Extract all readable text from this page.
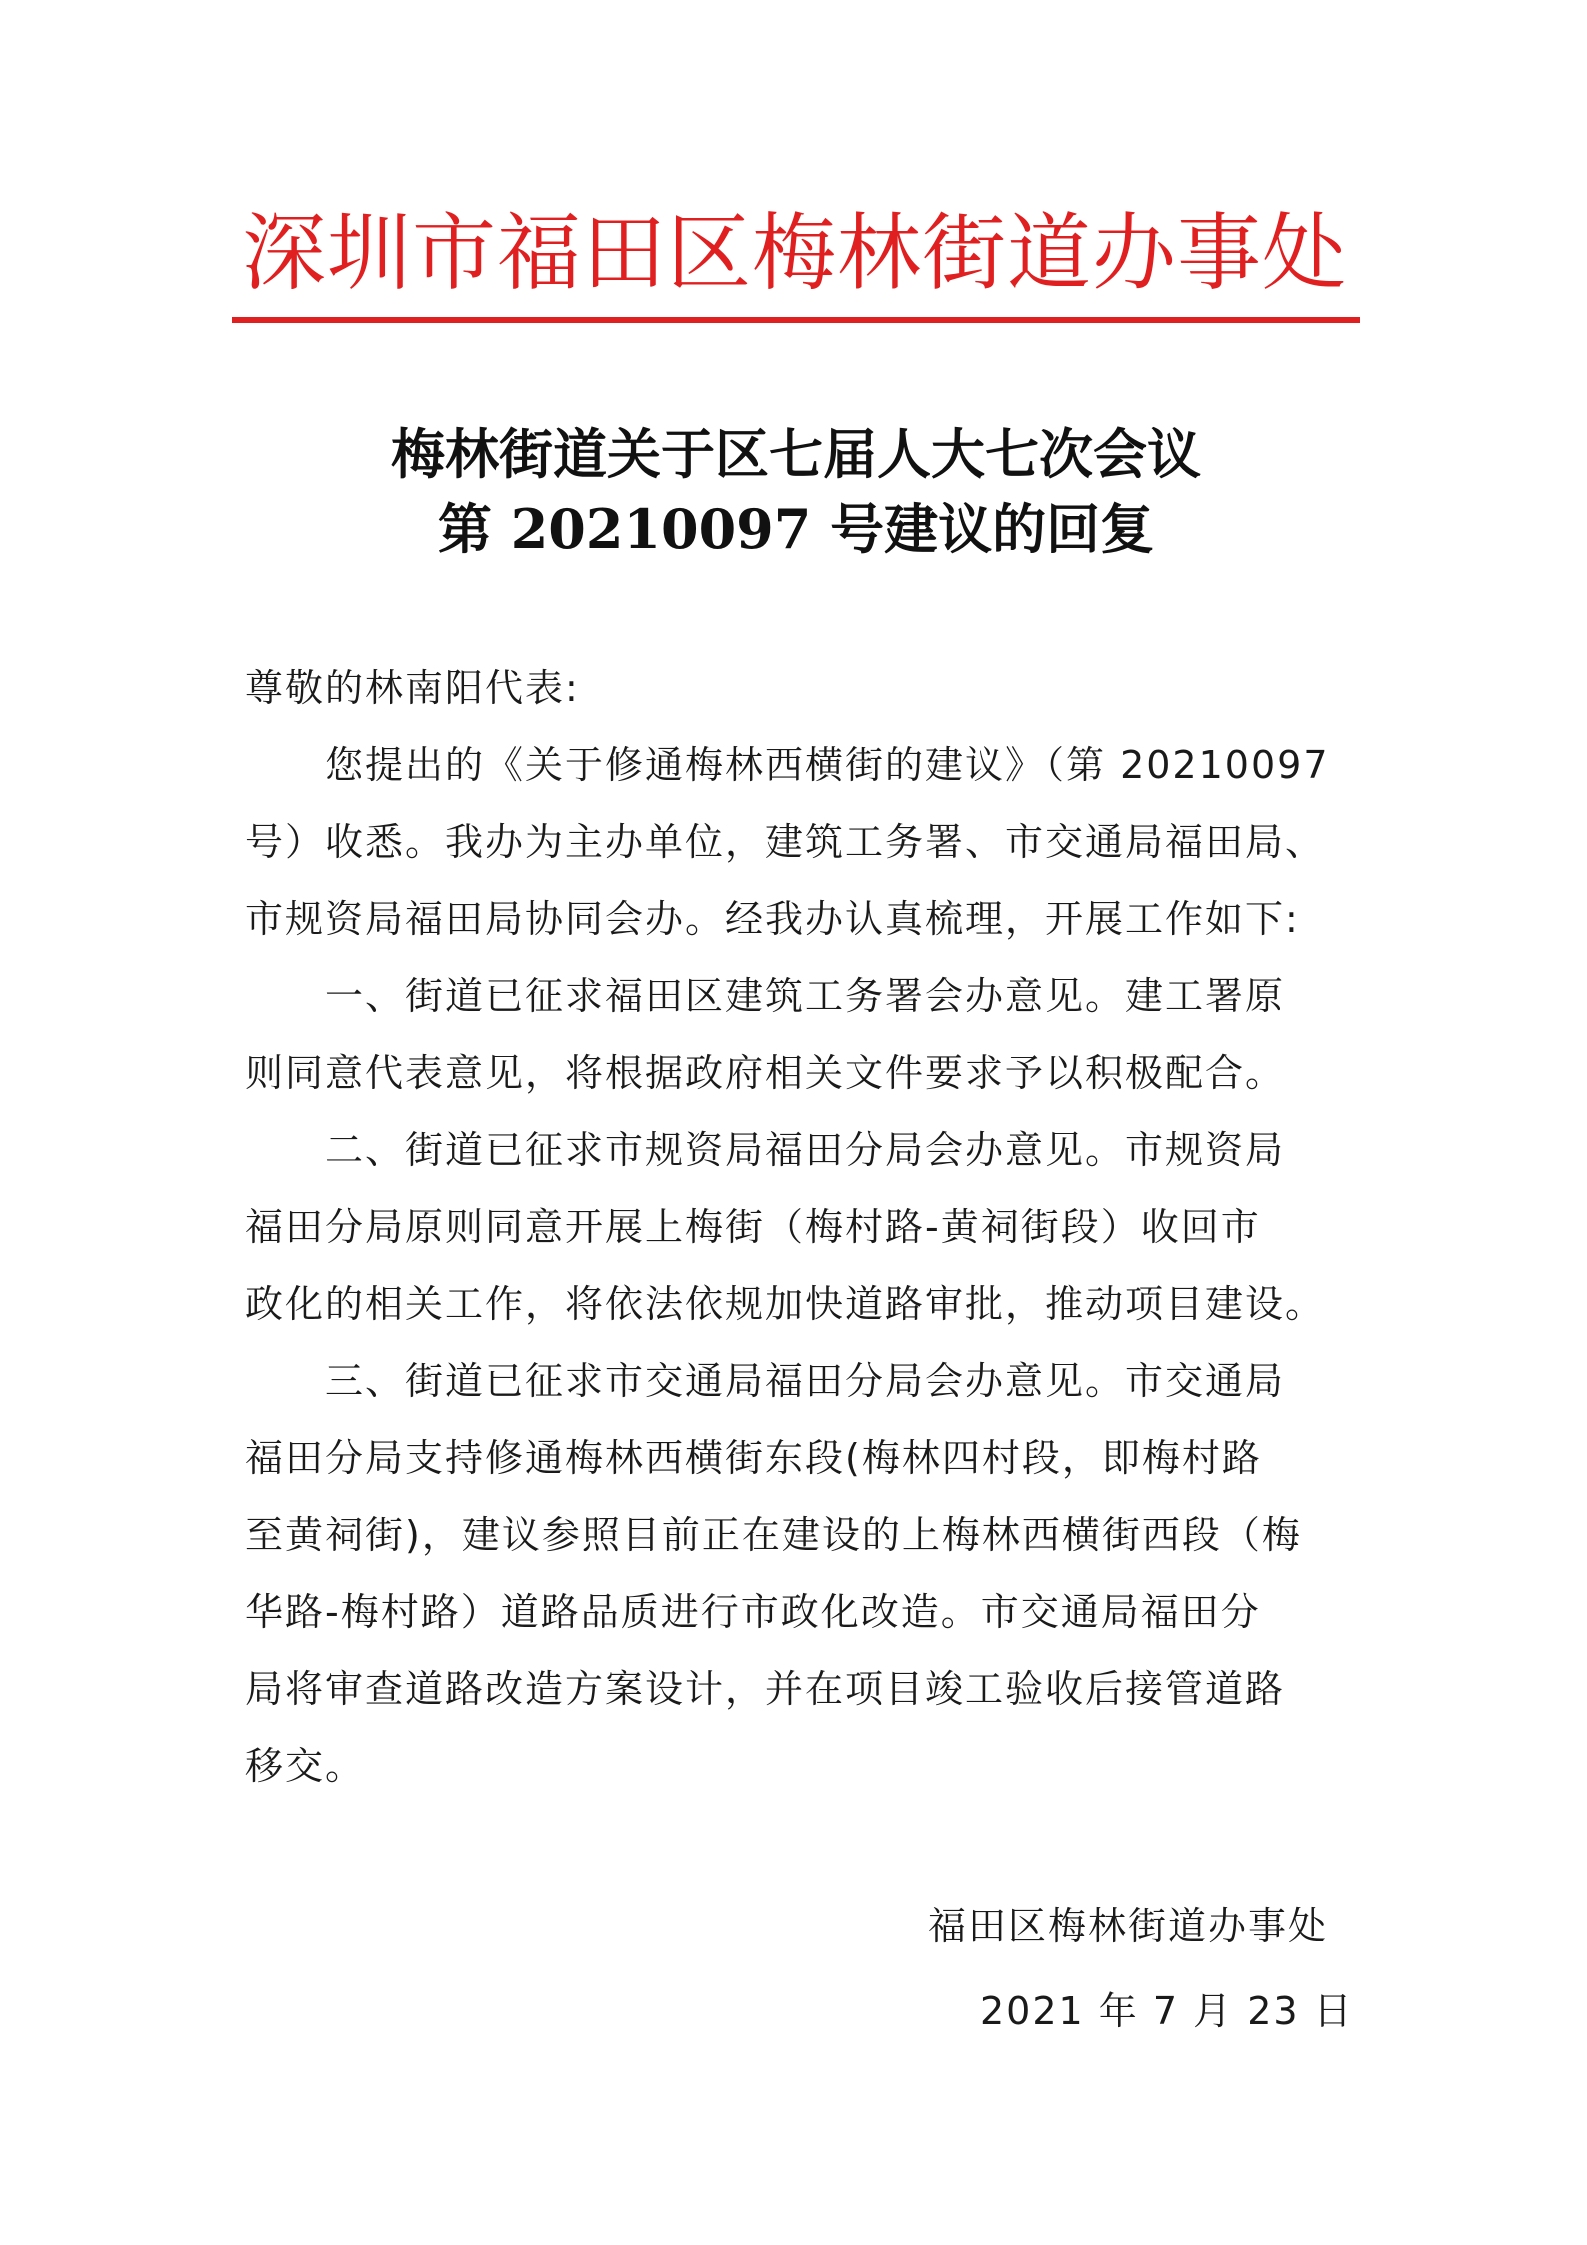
深圳市福田区梅林街道办事处
梅林街道关于区七届人大七次会议
第 20210097 号建议的回复
尊敬的林南阳代表:
　　您提出的《关于修通梅林西横街的建议》（第 20210097
号）收悉。我办为主办单位，建筑工务署、市交通局福田局、
市规资局福田局协同会办。经我办认真梳理，开展工作如下:
　　一、街道已征求福田区建筑工务署会办意见。建工署原
则同意代表意见，将根据政府相关文件要求予以积极配合。
　　二、街道已征求市规资局福田分局会办意见。市规资局
福田分局原则同意开展上梅街（梅村路-黄祠街段）收回市
政化的相关工作，将依法依规加快道路审批，推动项目建设。
　　三、街道已征求市交通局福田分局会办意见。市交通局
福田分局支持修通梅林西横街东段(梅林四村段，即梅村路
至黄祠街)，建议参照目前正在建设的上梅林西横街西段（梅
华路-梅村路）道路品质进行市政化改造。市交通局福田分
局将审查道路改造方案设计，并在项目竣工验收后接管道路
移交。
福田区梅林街道办事处
2021 年 7 月 23 日
